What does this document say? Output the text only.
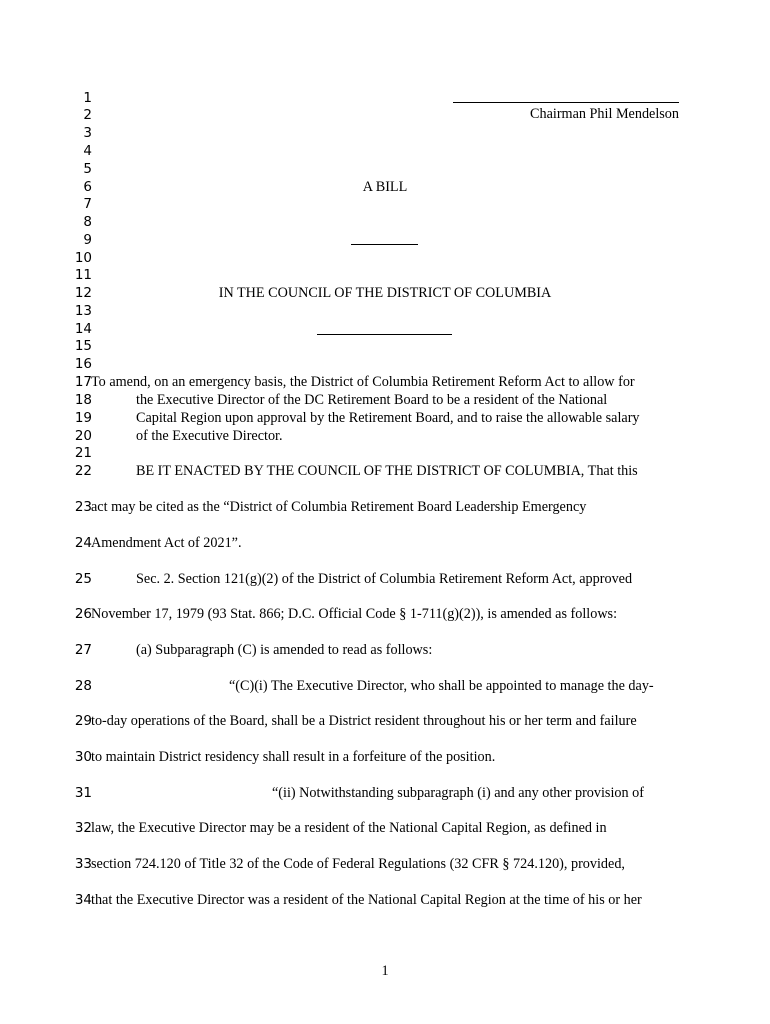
1
2
3
4
5
6
7
8
9
10
11
12
13
14
15
16
17
18
19
20
21
22
23
24
25
26
27
28
29
30
31
32
33
34
Chairman Phil Mendelson
A BILL
IN THE COUNCIL OF THE DISTRICT OF COLUMBIA
To amend, on an emergency basis, the District of Columbia Retirement Reform Act to allow for
the Executive Director of the DC Retirement Board to be a resident of the National
Capital Region upon approval by the Retirement Board, and to raise the allowable salary
of the Executive Director.
BE IT ENACTED BY THE COUNCIL OF THE DISTRICT OF COLUMBIA, That this
act may be cited as the “District of Columbia Retirement Board Leadership Emergency
Amendment Act of 2021”.
Sec. 2. Section 121(g)(2) of the District of Columbia Retirement Reform Act, approved
November 17, 1979 (93 Stat. 866; D.C. Official Code § 1-711(g)(2)), is amended as follows:
(a) Subparagraph (C) is amended to read as follows:
“(C)(i) The Executive Director, who shall be appointed to manage the day-
to-day operations of the Board, shall be a District resident throughout his or her term and failure
to maintain District residency shall result in a forfeiture of the position.
“(ii) Notwithstanding subparagraph (i) and any other provision of
law, the Executive Director may be a resident of the National Capital Region, as defined in
section 724.120 of Title 32 of the Code of Federal Regulations (32 CFR § 724.120), provided,
that the Executive Director was a resident of the National Capital Region at the time of his or her
1
